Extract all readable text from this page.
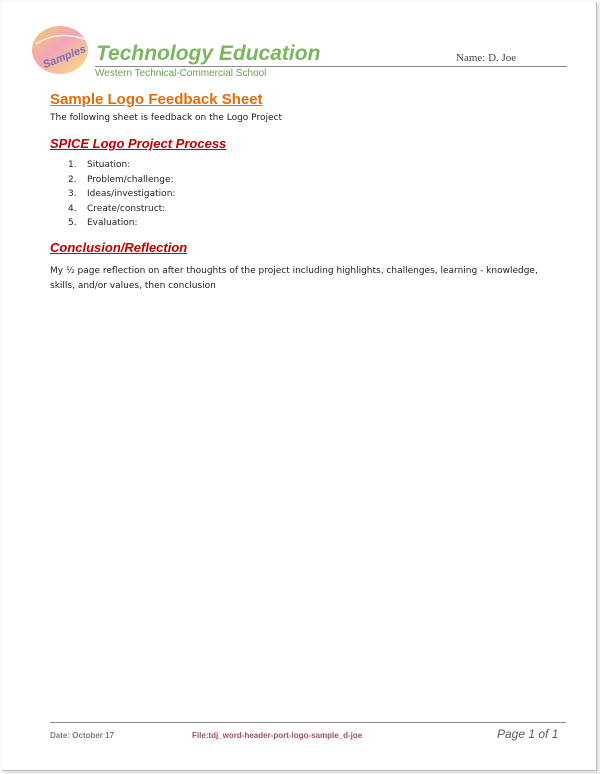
Samples Technology Education
Western Technical-Commercial School
Name: D. Joe
Sample Logo Feedback Sheet
The following sheet is feedback on the Logo Project
SPICE Logo Project Process
1. Situation:
2. Problem/challenge:
3. Ideas/investigation:
4. Create/construct:
5. Evaluation:
Conclusion/Reflection
My ½ page reflection on after thoughts of the project including highlights, challenges, learning - knowledge, skills, and/or values, then conclusion
Date: October 17	File:tdj_word-header-port-logo-sample_d-joe	Page 1 of 1
